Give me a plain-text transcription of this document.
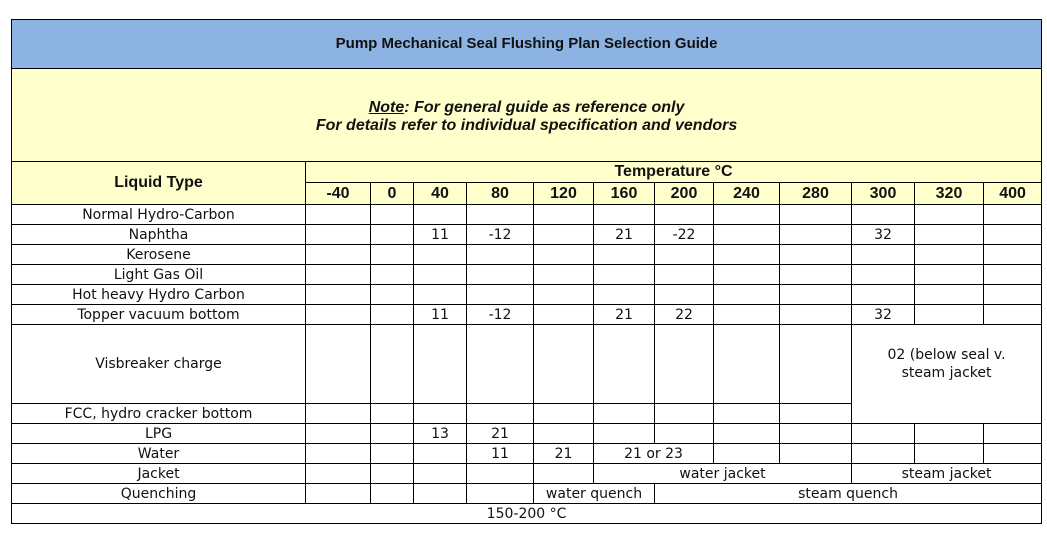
Pump Mechanical Seal Flushing Plan Selection Guide												
Note: For general guide as reference only
For details refer to individual specification and vendors												
Liquid Type	Temperature °C											
	-40	0	40	80	120	160	200	240	280	300	320	400
Normal Hydro-Carbon												
Naphtha			11	-12		21	-22			32		
Kerosene												
Light Gas Oil												
Hot heavy Hydro Carbon												
Topper vacuum bottom			11	-12		21	22			32		
Visbreaker charge										02 (below seal v. steam jacket		
FCC, hydro cracker bottom												
LPG			13	21								
Water				11	21	21 or 23						
Jacket						water jacket				steam jacket		
Quenching					water quench		steam quench					
150-200 °C												
